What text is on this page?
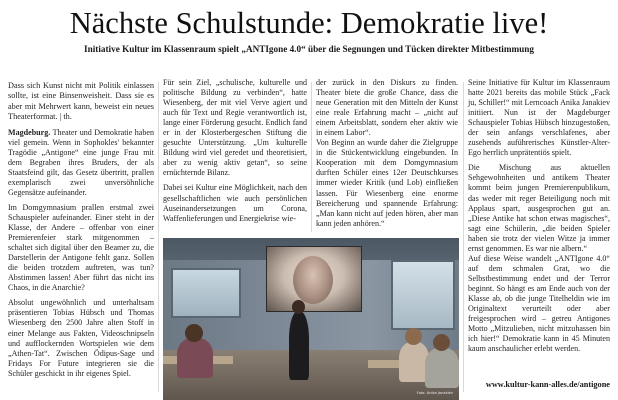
Nächste Schulstunde: Demokratie live!
Initiative Kultur im Klassenraum spielt „ANTIgone 4.0“ über die Segnungen und Tücken direkter Mitbestimmung

Dass sich Kunst nicht mit Politik einlassen sollte, ist eine Binsenweisheit. Dass sie es aber mit Mehrwert kann, beweist ein neues Theaterformat. | th.

Magdeburg. Theater und Demokratie haben viel gemein. Wenn in Sophokles' bekannter Tragödie „Antigone“ eine junge Frau mit dem Begraben ihres Bruders, der als Staatsfeind gilt, das Gesetz übertritt, prallen exemplarisch zwei unversöhnliche Gegensätze aufeinander.

Im Domgymnasium prallen erstmal zwei Schauspieler aufeinander. Einer steht in der Klasse, der Andere – offenbar von einer Premierenfeier stark mitgenommen – schaltet sich digital über den Beamer zu, die Darstellerin der Antigone fehlt ganz. Sollen die beiden trotzdem auftreten, was tun? Abstimmen lassen! Aber führt das nicht ins Chaos, in die Anarchie?

Absolut ungewöhnlich und unterhaltsam präsentieren Tobias Hübsch und Thomas Wiesenberg den 2500 Jahre alten Stoff in einer Melange aus Fakten, Videoschnipseln und aufflockernden Wortspielen wie dem „Athen-Tat“. Zwischen Ödipus-Sage und Fridays For Future integrieren sie die Schüler geschickt in ihr eigenes Spiel.

Für sein Ziel, „schulische, kulturelle und politische Bildung zu verbinden“, hatte Wiesenberg, der mit viel Verve agiert und auch für Text und Regie verantwortlich ist, lange einer Förderung gesucht. Endlich fand er in der Klosterbergeschen Stiftung die gesuchte Unterstützung. „Um kulturelle Bildung wird viel geredet und theoretisiert, aber zu wenig aktiv getan“, so seine ernüchternde Bilanz.

Dabei sei Kultur eine Möglichkeit, nach den gesellschaftlichen wie auch persönlichen Auseinandersetzungen um Corona, Waffenlieferungen und Energiekrise wie-

der zurück in den Diskurs zu finden. Theater biete die große Chance, dass die neue Generation mit den Mitteln der Kunst eine reale Erfahrung macht – „nicht auf einem Arbeitsblatt, sondern eher aktiv wie in einem Labor“.

Von Beginn an wurde daher die Zielgruppe in die Stückentwicklung eingebunden. In Kooperation mit dem Domgymnasium durften Schüler eines 12er Deutschkurses immer wieder Kritik (und Lob) einfließen lassen. Für Wiesenberg eine enorme Bereicherung und spannende Erfahrung: „Man kann nicht auf jeden hören, aber man kann jeden anhören.“

Seine Initiative für Kultur im Klassenraum hatte 2021 bereits das mobile Stück „Fack ju, Schiller!“ mit Lerncoach Anika Janakiev initiiert. Nun ist der Magdeburger Schauspieler Tobias Hübsch hinzugestoßen, der sein anfangs verschlafenes, aber zusehends auführerisches Künstler-Alter-Ego herrlich unprätentiös spielt.

Die Mischung aus aktuellen Sehgewohnheiten und antikem Theater kommt beim jungen Premierenpublikum, das weder mit reger Beteiligung noch mit Applaus spart, ausgesprochen gut an. „Diese Antike hat schon etwas magisches“, sagt eine Schülerin, „die beiden Spieler haben sie trotz der vielen Witze ja immer ernst genommen. Es war nie albern.“

Auf diese Weise wandelt „ANTIgone 4.0“ auf dem schmalen Grat, wo die Selbstbestimmung endet und der Terror beginnt. So hängt es am Ende auch von der Klasse ab, ob die junge Titelheldin wie im Originaltext verurteilt oder aber freigesprochen wird – getreu Antigones Motto „Mitzulieben, nicht mitzuhassen bin ich hier!“ Demokratie kann in 45 Minuten kaum anschaulicher erlebt werden.

www.kultur-kann-alles.de/antigone
Foto: Anika Janakiev
